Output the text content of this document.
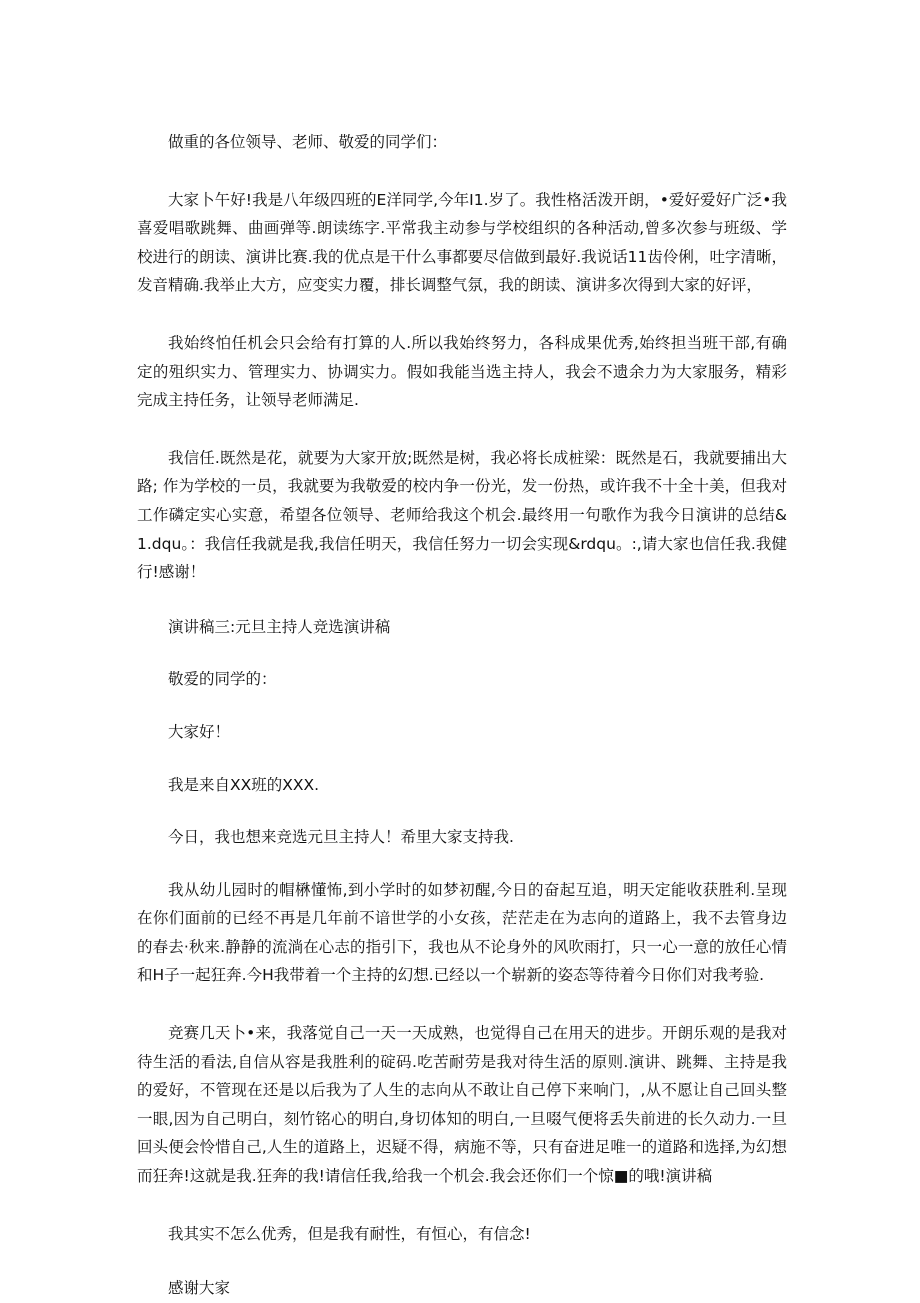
做重的各位领导、老师、敬爱的同学们：

大家卜午好!我是八年级四班的E洋同学,今年I1.岁了。我性格活泼开朗，•爱好爱好广泛•我喜爱唱歌跳舞、曲画弹等.朗读练字.平常我主动参与学校组织的各种活动,曾多次参与班级、学校进行的朗读、演讲比赛.我的优点是干什么事都要尽信做到最好.我说话11齿伶俐，吐字清晰，发音精确.我举止大方，应变实力覆，排长调整气氛，我的朗读、演讲多次得到大家的好评，

我始终怕任机会只会给有打算的人.所以我始终努力，各科成果优秀,始终担当班干部,有确定的殂织实力、管理实力、协调实力。假如我能当选主持人，我会不遗余力为大家服务，精彩完成主持任务，让领导老师满足.

我信任.既然是花，就要为大家开放;既然是树，我必将长成桩梁：既然是石，我就要捕出大路; 作为学校的一员，我就要为我敬爱的校内争一份光，发一份热，或许我不十全十美，但我对工作磷定实心实意，希望各位领导、老师给我这个机会.最终用一句歌作为我今日演讲的总结&1.dqu。：我信任我就是我,我信任明天，我信任努力一切会实现&rdqu。:,请大家也信任我.我健行!感谢！

演讲稿三:元旦主持人竞选演讲稿

敬爱的同学的：

大家好！

我是来自XX班的XXX.

今日，我也想来竞选元旦主持人！希里大家支持我.

我从幼儿园时的帽楙懂怖,到小学时的如梦初醒,今日的奋起互追，明天定能收获胜利.呈现在你们面前的已经不再是几年前不谙世学的小女孩，茫茫走在为志向的道路上，我不去管身边的春去·秋来.静静的流淌在心志的指引下，我也从不论身外的风吹雨打，只一心一意的放任心情和H子一起狂奔.今H我带着一个主持的幻想.已经以一个崭新的姿态等待着今日你们对我考验.

竞赛几天卜•来，我落觉自己一天一天成熟，也觉得自己在用天的进步。开朗乐观的是我对待生活的看法,自信从容是我胜利的碇码.吃苦耐劳是我对待生活的原则.演讲、跳舞、主持是我的爱好，不管现在还是以后我为了人生的志向从不敢让自己停下来响门，,从不愿让自己回头整一眼,因为自己明白，刻竹铭心的明白,身切体知的明白,一旦啜气便将丢失前进的长久动力.一旦回头便会怜惜自己,人生的道路上，迟疑不得，病施不等，只有奋进足唯一的道路和选择,为幻想而狂奔!这就是我.狂奔的我!请信任我,给我一个机会.我会还你们一个惊■的哦!演讲稿

我其实不怎么优秀，但是我有耐性，有恒心，有信念!

感谢大家
